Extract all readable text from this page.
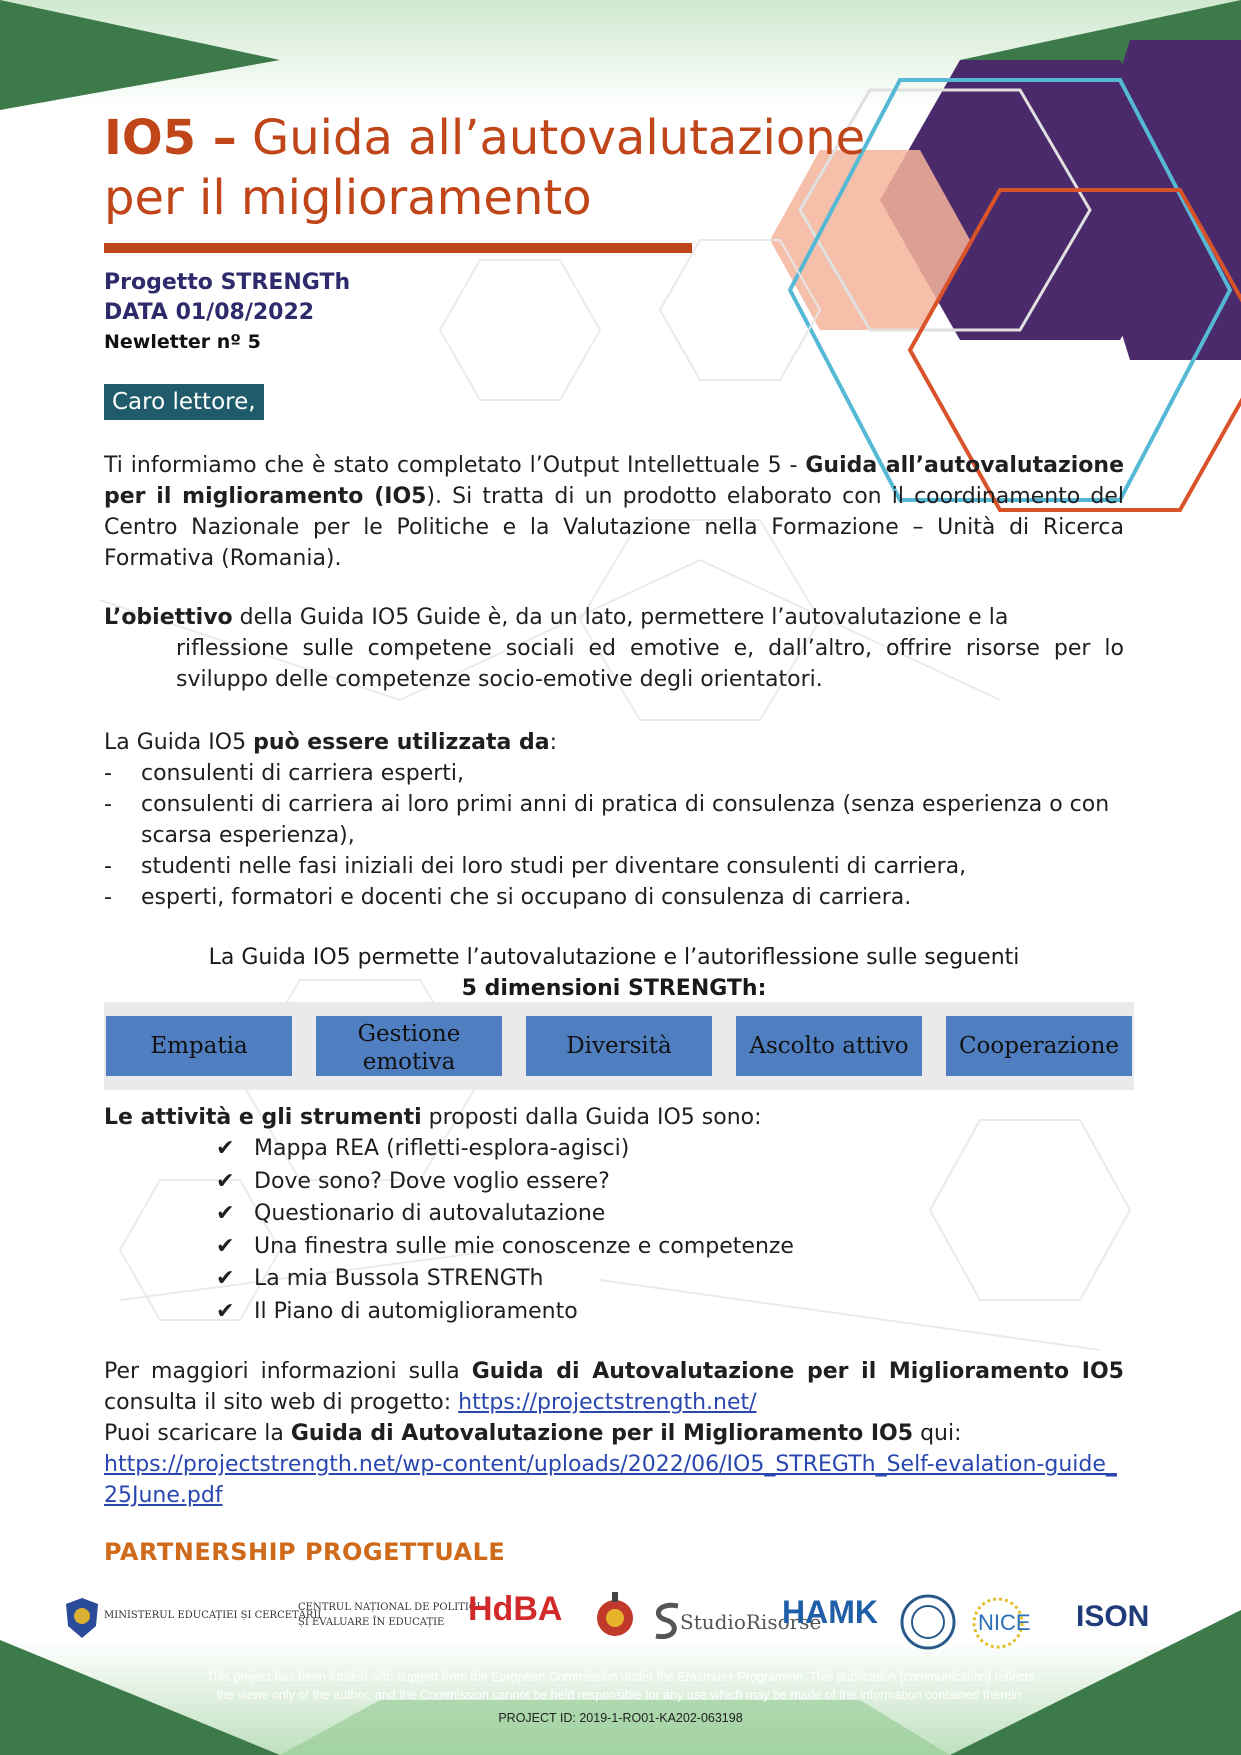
IO5 – Guida all’autovalutazione
per il miglioramento
Progetto STRENGTh
DATA 01/08/2022
Newletter nº 5
Caro lettore,
Ti informiamo che è stato completato l’Output Intellettuale 5 - Guida all’autovalutazione per il miglioramento (IO5). Si tratta di un prodotto elaborato con il coordinamento del Centro Nazionale per le Politiche e la Valutazione nella Formazione – Unità di Ricerca Formativa (Romania).
L’obiettivo della Guida IO5 Guide è, da un lato, permettere l’autovalutazione e la
riflessione sulle competene sociali ed emotive e, dall’altro, offrire risorse per lo sviluppo delle competenze socio-emotive degli orientatori.
La Guida IO5 può essere utilizzata da:
- consulenti di carriera esperti,
- consulenti di carriera ai loro primi anni di pratica di consulenza (senza esperienza o con scarsa esperienza),
- studenti nelle fasi iniziali dei loro studi per diventare consulenti di carriera,
- esperti, formatori e docenti che si occupano di consulenza di carriera.
La Guida IO5 permette l’autovalutazione e l’autoriflessione sulle seguenti
5 dimensioni STRENGTh:
Empatia	Gestione emotiva
Diversità	Ascolto attivo	Cooperazione
Le attività e gli strumenti proposti dalla Guida IO5 sono:
✔ Mappa REA (rifletti-esplora-agisci)
✔ Dove sono? Dove voglio essere?
✔ Questionario di autovalutazione
✔ Una finestra sulle mie conoscenze e competenze
✔ La mia Bussola STRENGTh
✔ Il Piano di automiglioramento
Per maggiori informazioni sulla Guida di Autovalutazione per il Miglioramento IO5 consulta il sito web di progetto: https://projectstrength.net/
Puoi scaricare la Guida di Autovalutazione per il Miglioramento IO5 qui:
https://projectstrength.net/wp-content/uploads/2022/06/IO5_STREGTh_Self-evalation-guide_25June.pdf
PARTNERSHIP PROGETTUALE
MINISTERUL EDUCAȚIEI ȘI CERCETĂRII
CENTRUL NAȚIONAL DE POLITICI
ȘI EVALUARE ÎN EDUCAȚIE HdBA	StudioRisorse
HAMK	NICE ISON
This project has been funded with support from the European Commission under the Erasmus+ Programme. This publication [communication] reflects
the views only of the author, and the Commission cannot be held responsible for any use which may be made of the information contained therein.
PROJECT ID: 2019-1-RO01-KA202-063198
